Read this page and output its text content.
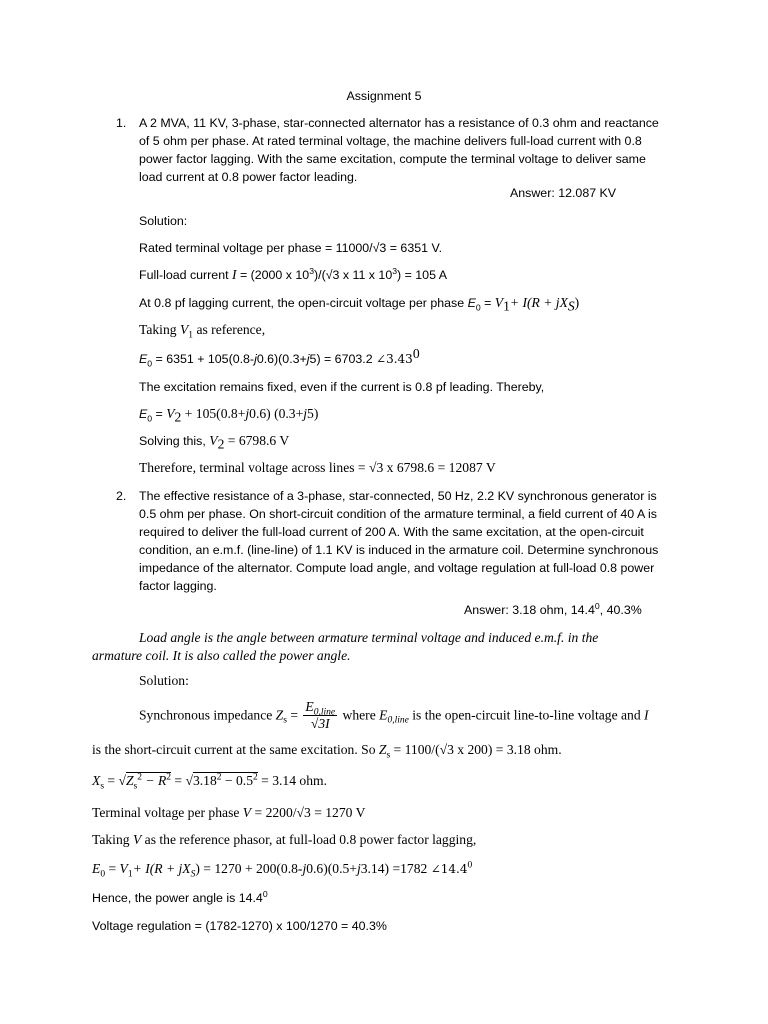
Assignment 5
1. A 2 MVA, 11 KV, 3-phase, star-connected alternator has a resistance of 0.3 ohm and reactance of 5 ohm per phase. At rated terminal voltage, the machine delivers full-load current with 0.8 power factor lagging. With the same excitation, compute the terminal voltage to deliver same load current at 0.8 power factor leading.
Answer: 12.087 KV
Solution:
Rated terminal voltage per phase = 11000/√3 = 6351 V.
Full-load current I = (2000 x $10^3)/(√3$ x 11 x $10^3) = 105$ A
At 0.8 pf lagging current, the open-circuit voltage per phase $E_0 = V_1+ I(R + jX_S)$
Taking $V_1$ as reference,
$E_0 = 6351 + 105(0.8-j0.6)(0.3+j5) = 6703.2$ ∠3.43$^0$
The excitation remains fixed, even if the current is 0.8 pf leading. Thereby,
$E_0 = V_2 + 105(0.8+j0.6)$ (0.3+j5)
Solving this, $V_2 = 6798.6$ V
Therefore, terminal voltage across lines = √3 x 6798.6 = 12087 V
2. The effective resistance of a 3-phase, star-connected, 50 Hz, 2.2 KV synchronous generator is 0.5 ohm per phase. On short-circuit condition of the armature terminal, a field current of 40 A is required to deliver the full-load current of 200 A. With the same excitation, at the open-circuit condition, an e.m.f. (line-line) of 1.1 KV is induced in the armature coil. Determine synchronous impedance of the alternator. Compute load angle, and voltage regulation at full-load 0.8 power factor lagging.
Answer: 3.18 ohm, 14.4$^0$, 40.3%
Load angle is the angle between armature terminal voltage and induced e.m.f. in the
armature coil. It is also called the power angle.
Solution:
Synchronous impedance $Z_s = \frac{E_{0,line}}{√3I}$ where $E_{0,line}$ is the open-circuit line-to-line voltage and I
is the short-circuit current at the same excitation. So $Z_s = 1100/(√3$ x 200) = 3.18 ohm.
$X_s = √Z_s^2 - R^2 = √3.18^2 - 0.5^2 = 3.14$ ohm.
Terminal voltage per phase V = 2200/√3 = 1270 V
Taking V as the reference phasor, at full-load 0.8 power factor lagging,
$E_0 = V_1+ I(R + jX_S) = 1270 + 200(0.8-j0.6)(0.5+j3.14) =1782$ ∠14.4$^0$
Hence, the power angle is 14.4$^0$
Voltage regulation = (1782-1270) x 100/1270 = 40.3%
